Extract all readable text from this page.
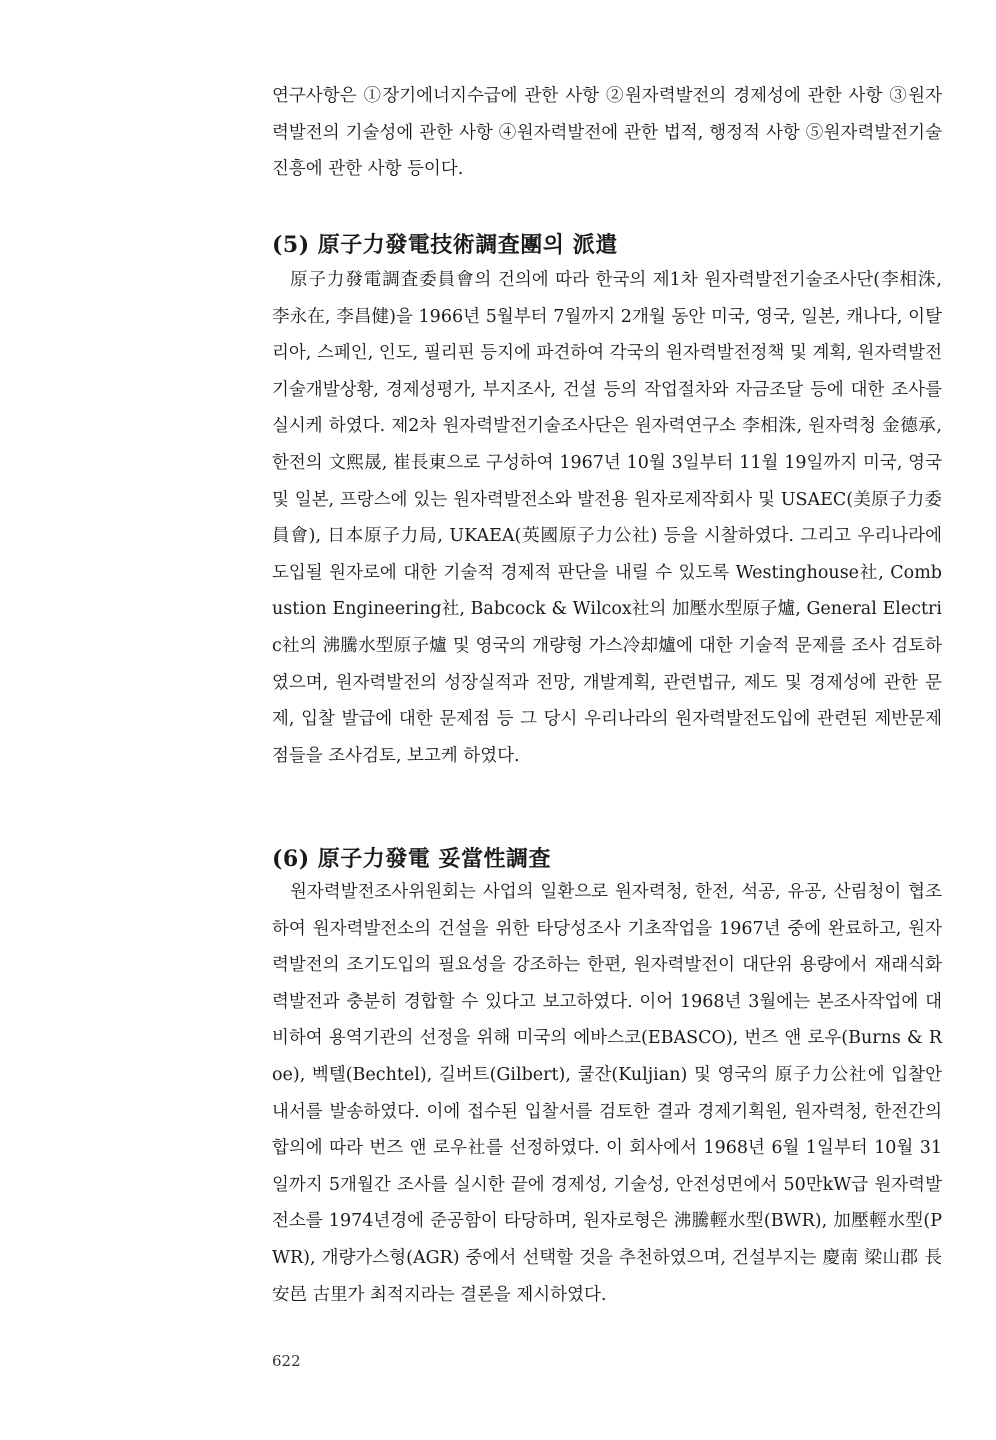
연구사항은 ①장기에너지수급에 관한 사항 ②원자력발전의 경제성에 관한 사항 ③원자력발전의 기술성에 관한 사항 ④원자력발전에 관한 법적, 행정적 사항 ⑤원자력발전기술진흥에 관한 사항 등이다.

(5) 原子力發電技術調査團의 派遣

原子力發電調査委員會의 건의에 따라 한국의 제1차 원자력발전기술조사단(李相洙, 李永在, 李昌健)을 1966년 5월부터 7월까지 2개월 동안 미국, 영국, 일본, 캐나다, 이탈리아, 스페인, 인도, 필리핀 등지에 파견하여 각국의 원자력발전정책 및 계획, 원자력발전 기술개발상황, 경제성평가, 부지조사, 건설 등의 작업절차와 자금조달 등에 대한 조사를 실시케 하였다. 제2차 원자력발전기술조사단은 원자력연구소 李相洙, 원자력청 金德承, 한전의 文熙晟, 崔長東으로 구성하여 1967년 10월 3일부터 11월 19일까지 미국, 영국 및 일본, 프랑스에 있는 원자력발전소와 발전용 원자로제작회사 및 USAEC(美原子力委員會), 日本原子力局, UKAEA(英國原子力公社) 등을 시찰하였다. 그리고 우리나라에 도입될 원자로에 대한 기술적 경제적 판단을 내릴 수 있도록 Westinghouse社, Combustion Engineering社, Babcock & Wilcox社의 加壓水型原子爐, General Electric社의 沸騰水型原子爐 및 영국의 개량형 가스冷却爐에 대한 기술적 문제를 조사 검토하였으며, 원자력발전의 성장실적과 전망, 개발계획, 관련법규, 제도 및 경제성에 관한 문제, 입찰 발급에 대한 문제점 등 그 당시 우리나라의 원자력발전도입에 관련된 제반문제점들을 조사검토, 보고케 하였다.

(6) 原子力發電 妥當性調査

원자력발전조사위원회는 사업의 일환으로 원자력청, 한전, 석공, 유공, 산림청이 협조하여 원자력발전소의 건설을 위한 타당성조사 기초작업을 1967년 중에 완료하고, 원자력발전의 조기도입의 필요성을 강조하는 한편, 원자력발전이 대단위 용량에서 재래식화력발전과 충분히 경합할 수 있다고 보고하였다. 이어 1968년 3월에는 본조사작업에 대비하여 용역기관의 선정을 위해 미국의 에바스코(EBASCO), 번즈 앤 로우(Burns & Roe), 벡텔(Bechtel), 길버트(Gilbert), 쿨잔(Kuljian) 및 영국의 原子力公社에 입찰안내서를 발송하였다. 이에 접수된 입찰서를 검토한 결과 경제기획원, 원자력청, 한전간의 합의에 따라 번즈 앤 로우社를 선정하였다. 이 회사에서 1968년 6월 1일부터 10월 31일까지 5개월간 조사를 실시한 끝에 경제성, 기술성, 안전성면에서 50만kW급 원자력발전소를 1974년경에 준공함이 타당하며, 원자로형은 沸騰輕水型(BWR), 加壓輕水型(PWR), 개량가스형(AGR) 중에서 선택할 것을 추천하였으며, 건설부지는 慶南 梁山郡 長安邑 古里가 최적지라는 결론을 제시하였다.

622
